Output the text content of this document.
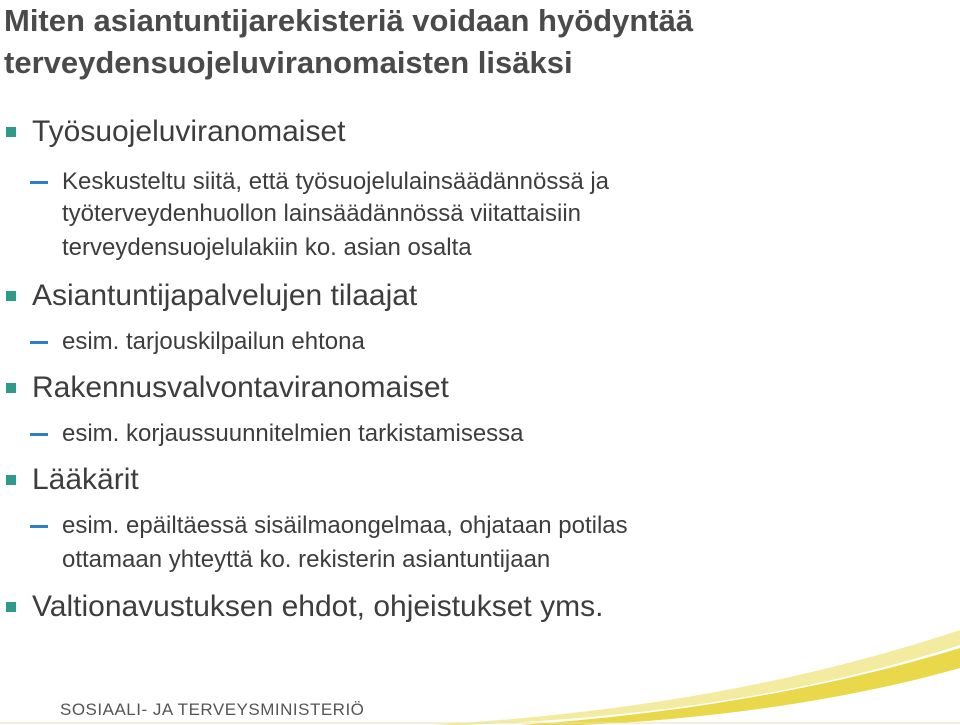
Miten asiantuntijarekisteriä voidaan hyödyntää
terveydensuojeluviranomaisten lisäksi
Työsuojeluviranomaiset
Keskusteltu siitä, että työsuojelulainsäädännössä ja
työterveydenhuollon lainsäädännössä viitattaisiin
terveydensuojelulakiin ko. asian osalta
Asiantuntijapalvelujen tilaajat
esim. tarjouskilpailun ehtona
Rakennusvalvontaviranomaiset
esim. korjaussuunnitelmien tarkistamisessa
Lääkärit
esim. epäiltäessä sisäilmaongelmaa, ohjataan potilas
ottamaan yhteyttä ko. rekisterin asiantuntijaan
Valtionavustuksen ehdot, ohjeistukset yms.
SOSIAALI- JA TERVEYSMINISTERIÖ
